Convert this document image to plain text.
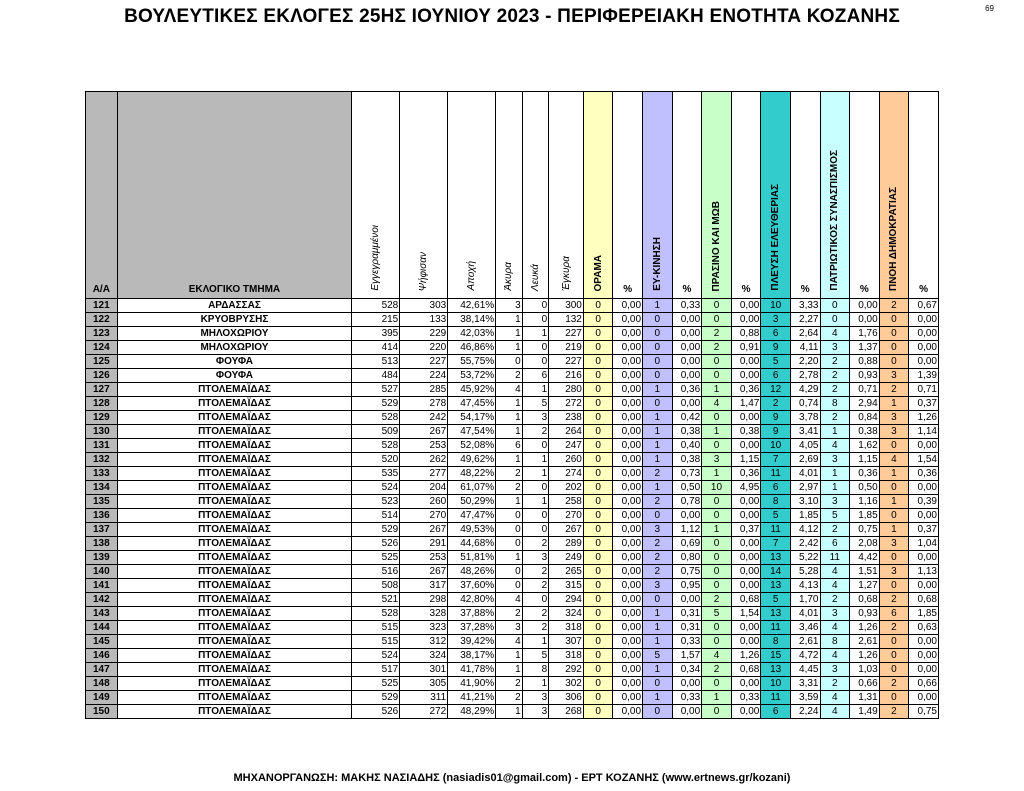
69
ΒΟΥΛΕΥΤΙΚΕΣ ΕΚΛΟΓΕΣ 25ΗΣ ΙΟΥΝΙΟΥ 2023 - ΠΕΡΙΦΕΡΕΙΑΚΗ ΕΝΟΤΗΤΑ ΚΟΖΑΝΗΣ
Α/Α	ΕΚΛΟΓΙΚΟ ΤΜΗΜΑ	Εγγεγραμμένοι	Ψήφισαν	Αποχή	Άκυρα	Λευκά	Έγκυρα	ΟΡΑΜΑ	%	ΕΥ-ΚΙΝΗΣΗ	%	ΠΡΑΣΙΝΟ ΚΑΙ ΜΩΒ	%	ΠΛΕΥΣΗ ΕΛΕΥΘΕΡΙΑΣ	%	ΠΑΤΡΙΩΤΙΚΟΣ ΣΥΝΑΣΠΙΣΜΟΣ	%	ΠΝΟΗ ΔΗΜΟΚΡΑΤΙΑΣ	%
121	ΑΡΔΑΣΣΑΣ	528	303	42,61%	3	0	300	0	0,00	1	0,33	0	0,00	10	3,33	0	0,00	2	0,67
122	ΚΡΥΟΒΡΥΣΗΣ	215	133	38,14%	1	0	132	0	0,00	0	0,00	0	0,00	3	2,27	0	0,00	0	0,00
123	ΜΗΛΟΧΩΡΙΟΥ	395	229	42,03%	1	1	227	0	0,00	0	0,00	2	0,88	6	2,64	4	1,76	0	0,00
124	ΜΗΛΟΧΩΡΙΟΥ	414	220	46,86%	1	0	219	0	0,00	0	0,00	2	0,91	9	4,11	3	1,37	0	0,00
125	ΦΟΥΦΑ	513	227	55,75%	0	0	227	0	0,00	0	0,00	0	0,00	5	2,20	2	0,88	0	0,00
126	ΦΟΥΦΑ	484	224	53,72%	2	6	216	0	0,00	0	0,00	0	0,00	6	2,78	2	0,93	3	1,39
127	ΠΤΟΛΕΜΑΪΔΑΣ	527	285	45,92%	4	1	280	0	0,00	1	0,36	1	0,36	12	4,29	2	0,71	2	0,71
128	ΠΤΟΛΕΜΑΪΔΑΣ	529	278	47,45%	1	5	272	0	0,00	0	0,00	4	1,47	2	0,74	8	2,94	1	0,37
129	ΠΤΟΛΕΜΑΪΔΑΣ	528	242	54,17%	1	3	238	0	0,00	1	0,42	0	0,00	9	3,78	2	0,84	3	1,26
130	ΠΤΟΛΕΜΑΪΔΑΣ	509	267	47,54%	1	2	264	0	0,00	1	0,38	1	0,38	9	3,41	1	0,38	3	1,14
131	ΠΤΟΛΕΜΑΪΔΑΣ	528	253	52,08%	6	0	247	0	0,00	1	0,40	0	0,00	10	4,05	4	1,62	0	0,00
132	ΠΤΟΛΕΜΑΪΔΑΣ	520	262	49,62%	1	1	260	0	0,00	1	0,38	3	1,15	7	2,69	3	1,15	4	1,54
133	ΠΤΟΛΕΜΑΪΔΑΣ	535	277	48,22%	2	1	274	0	0,00	2	0,73	1	0,36	11	4,01	1	0,36	1	0,36
134	ΠΤΟΛΕΜΑΪΔΑΣ	524	204	61,07%	2	0	202	0	0,00	1	0,50	10	4,95	6	2,97	1	0,50	0	0,00
135	ΠΤΟΛΕΜΑΪΔΑΣ	523	260	50,29%	1	1	258	0	0,00	2	0,78	0	0,00	8	3,10	3	1,16	1	0,39
136	ΠΤΟΛΕΜΑΪΔΑΣ	514	270	47,47%	0	0	270	0	0,00	0	0,00	0	0,00	5	1,85	5	1,85	0	0,00
137	ΠΤΟΛΕΜΑΪΔΑΣ	529	267	49,53%	0	0	267	0	0,00	3	1,12	1	0,37	11	4,12	2	0,75	1	0,37
138	ΠΤΟΛΕΜΑΪΔΑΣ	526	291	44,68%	0	2	289	0	0,00	2	0,69	0	0,00	7	2,42	6	2,08	3	1,04
139	ΠΤΟΛΕΜΑΪΔΑΣ	525	253	51,81%	1	3	249	0	0,00	2	0,80	0	0,00	13	5,22	11	4,42	0	0,00
140	ΠΤΟΛΕΜΑΪΔΑΣ	516	267	48,26%	0	2	265	0	0,00	2	0,75	0	0,00	14	5,28	4	1,51	3	1,13
141	ΠΤΟΛΕΜΑΪΔΑΣ	508	317	37,60%	0	2	315	0	0,00	3	0,95	0	0,00	13	4,13	4	1,27	0	0,00
142	ΠΤΟΛΕΜΑΪΔΑΣ	521	298	42,80%	4	0	294	0	0,00	0	0,00	2	0,68	5	1,70	2	0,68	2	0,68
143	ΠΤΟΛΕΜΑΪΔΑΣ	528	328	37,88%	2	2	324	0	0,00	1	0,31	5	1,54	13	4,01	3	0,93	6	1,85
144	ΠΤΟΛΕΜΑΪΔΑΣ	515	323	37,28%	3	2	318	0	0,00	1	0,31	0	0,00	11	3,46	4	1,26	2	0,63
145	ΠΤΟΛΕΜΑΪΔΑΣ	515	312	39,42%	4	1	307	0	0,00	1	0,33	0	0,00	8	2,61	8	2,61	0	0,00
146	ΠΤΟΛΕΜΑΪΔΑΣ	524	324	38,17%	1	5	318	0	0,00	5	1,57	4	1,26	15	4,72	4	1,26	0	0,00
147	ΠΤΟΛΕΜΑΪΔΑΣ	517	301	41,78%	1	8	292	0	0,00	1	0,34	2	0,68	13	4,45	3	1,03	0	0,00
148	ΠΤΟΛΕΜΑΪΔΑΣ	525	305	41,90%	2	1	302	0	0,00	0	0,00	0	0,00	10	3,31	2	0,66	2	0,66
149	ΠΤΟΛΕΜΑΪΔΑΣ	529	311	41,21%	2	3	306	0	0,00	1	0,33	1	0,33	11	3,59	4	1,31	0	0,00
150	ΠΤΟΛΕΜΑΪΔΑΣ	526	272	48,29%	1	3	268	0	0,00	0	0,00	0	0,00	6	2,24	4	1,49	2	0,75
ΜΗΧΑΝΟΡΓΑΝΩΣΗ: ΜΑΚΗΣ ΝΑΣΙΑΔΗΣ (nasiadis01@gmail.com) - ΕΡΤ ΚΟΖΑΝΗΣ (www.ertnews.gr/kozani)
